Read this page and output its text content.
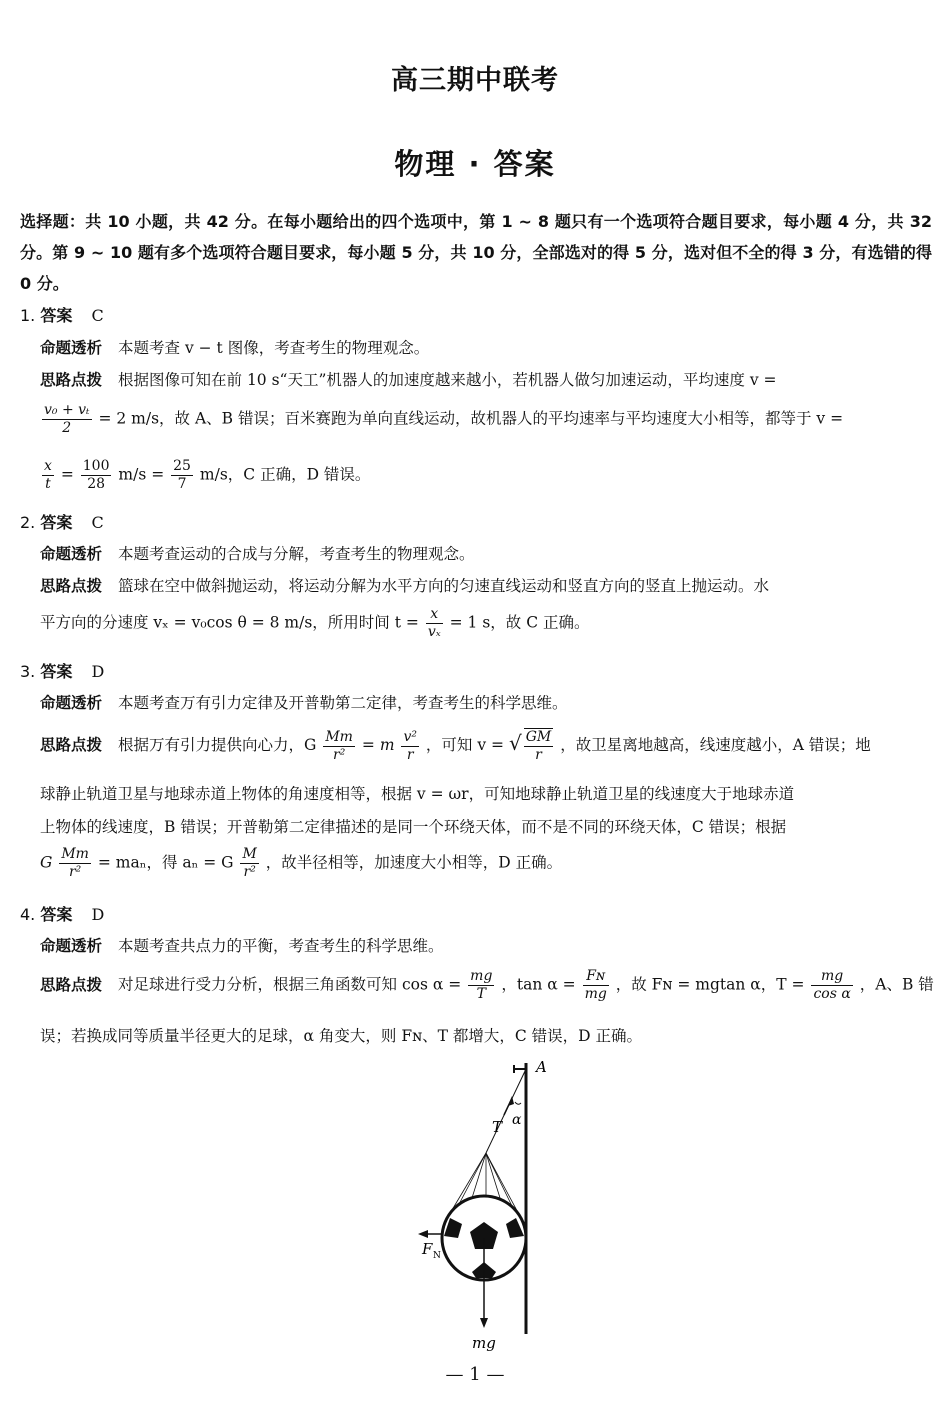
高三期中联考
物理 · 答案
选择题：共 10 小题，共 42 分。在每小题给出的四个选项中，第 1 ~ 8 题只有一个选项符合题目要求，每小题 4 分，共 32 分。第 9 ~ 10 题有多个选项符合题目要求，每小题 5 分，共 10 分，全部选对的得 5 分，选对但不全的得 3 分，有选错的得 0 分。
1. 答案 C
命题透析 本题考查 v − t 图像，考查考生的物理观念。
思路点拨 根据图像可知在前 10 s“天工”机器人的加速度越来越小，若机器人做匀加速运动，平均速度 v =
$\frac{\text{v₀ + vₜ}}{2} = 2$ m/s，故 A、B 错误；百米赛跑为单向直线运动，故机器人的平均速率与平均速度大小相等，都等于 v =
$\frac{x}{t} = \frac{100}{28} m/s = \frac{25}{7} m/s$，C 正确，D 错误。
2. 答案 C
命题透析 本题考查运动的合成与分解，考查考生的物理观念。
思路点拨 篮球在空中做斜抛运动，将运动分解为水平方向的匀速直线运动和竖直方向的竖直上抛运动。水
平方向的分速度 vₓ = v₀cos θ = 8 m/s，所用时间 $t = \frac{x}{\text{vₓ}} = 1$ s，故 C 正确。
3. 答案 D
命题透析 本题考查万有引力定律及开普勒第二定律，考查考生的科学思维。
思路点拨 根据万有引力提供向心力，G $\frac{Mm}{\text{r²}} = m \frac{\text{v²}}{r}$ ，可知 v = √ $\frac{GM}{r}$ ，故卫星离地越高，线速度越小，A 错误；地
球静止轨道卫星与地球赤道上物体的角速度相等，根据 v = ωr，可知地球静止轨道卫星的线速度大于地球赤道
上物体的线速度，B 错误；开普勒第二定律描述的是同一个环绕天体，而不是不同的环绕天体，C 错误；根据
G $\frac{Mm}{\text{r²}} = ma_n$，得 aₙ = G $\frac{M}{\text{r²}}$ ，故半径相等，加速度大小相等，D 正确。
4. 答案 D
命题透析 本题考查共点力的平衡，考查考生的科学思维。
思路点拨 对足球进行受力分析，根据三角函数可知 $\cos \alpha = \frac{mg}{T}$ ，$\tan \alpha = \frac{\text{Fɴ}}{mg}$ ，故 Fɴ = mgtan α，$T = \frac{mg}{\text{cos α}}$ ，A、B 错
误；若换成同等质量半径更大的足球，α 角变大，则 Fɴ、T 都增大，C 错误，D 正确。
A
α
T
F N
mg
— 1 —
